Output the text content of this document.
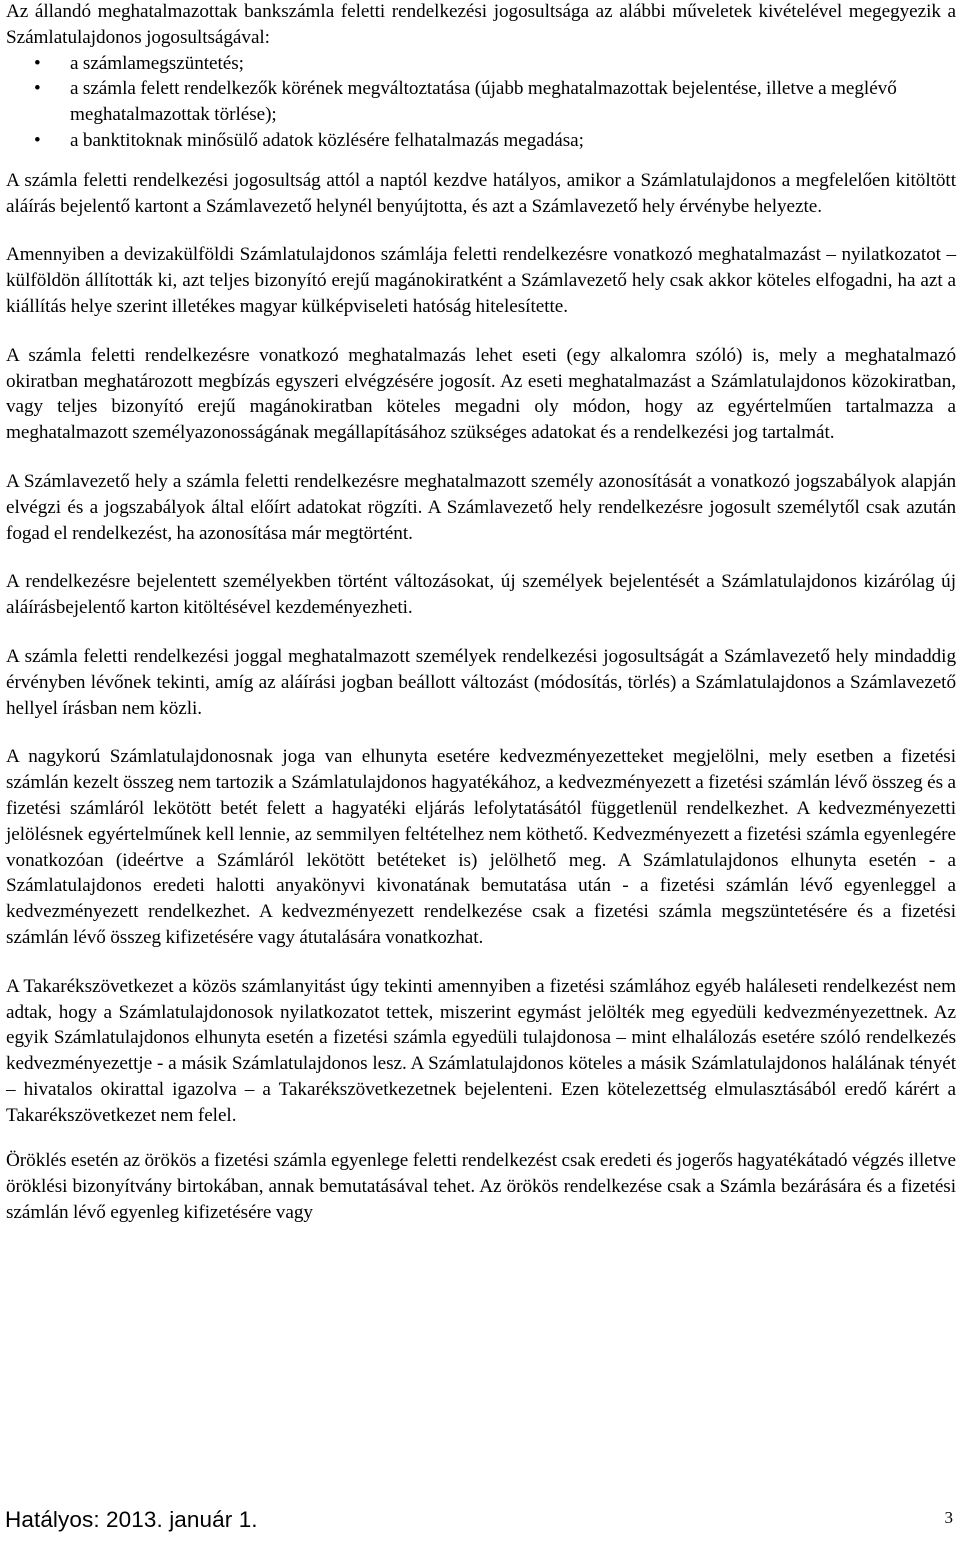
Az állandó meghatalmazottak bankszámla feletti rendelkezési jogosultsága az alábbi műveletek kivételével megegyezik a Számlatulajdonos jogosultságával:

• a számlamegszüntetés;
• a számla felett rendelkezők körének megváltoztatása (újabb meghatalmazottak bejelentése, illetve a meglévő meghatalmazottak törlése);
• a banktitoknak minősülő adatok közlésére felhatalmazás megadása;

A számla feletti rendelkezési jogosultság attól a naptól kezdve hatályos, amikor a Számlatulajdonos a megfelelően kitöltött aláírás bejelentő kartont a Számlavezető helynél benyújtotta, és azt a Számlavezető hely érvénybe helyezte.

Amennyiben a devizakülföldi Számlatulajdonos számlája feletti rendelkezésre vonatkozó meghatalmazást – nyilatkozatot – külföldön állították ki, azt teljes bizonyító erejű magánokiratként a Számlavezető hely csak akkor köteles elfogadni, ha azt a kiállítás helye szerint illetékes magyar külképviseleti hatóság hitelesítette.

A számla feletti rendelkezésre vonatkozó meghatalmazás lehet eseti (egy alkalomra szóló) is, mely a meghatalmazó okiratban meghatározott megbízás egyszeri elvégzésére jogosít. Az eseti meghatalmazást a Számlatulajdonos közokiratban, vagy teljes bizonyító erejű magánokiratban köteles megadni oly módon, hogy az egyértelműen tartalmazza a meghatalmazott személyazonosságának megállapításához szükséges adatokat és a rendelkezési jog tartalmát.

A Számlavezető hely a számla feletti rendelkezésre meghatalmazott személy azonosítását a vonatkozó jogszabályok alapján elvégzi és a jogszabályok által előírt adatokat rögzíti. A Számlavezető hely rendelkezésre jogosult személytől csak azután fogad el rendelkezést, ha azonosítása már megtörtént.

A rendelkezésre bejelentett személyekben történt változásokat, új személyek bejelentését a Számlatulajdonos kizárólag új aláírásbejelentő karton kitöltésével kezdeményezheti.

A számla feletti rendelkezési joggal meghatalmazott személyek rendelkezési jogosultságát a Számlavezető hely mindaddig érvényben lévőnek tekinti, amíg az aláírási jogban beállott változást (módosítás, törlés) a Számlatulajdonos a Számlavezető hellyel írásban nem közli.

A nagykorú Számlatulajdonosnak joga van elhunyta esetére kedvezményezetteket megjelölni, mely esetben a fizetési számlán kezelt összeg nem tartozik a Számlatulajdonos hagyatékához, a kedvezményezett a fizetési számlán lévő összeg és a fizetési számláról lekötött betét felett a hagyatéki eljárás lefolytatásától függetlenül rendelkezhet. A kedvezményezetti jelölésnek egyértelműnek kell lennie, az semmilyen feltételhez nem köthető. Kedvezményezett a fizetési számla egyenlegére vonatkozóan (ideértve a Számláról lekötött betéteket is) jelölhető meg. A Számlatulajdonos elhunyta esetén - a Számlatulajdonos eredeti halotti anyakönyvi kivonatának bemutatása után - a fizetési számlán lévő egyenleggel a kedvezményezett rendelkezhet. A kedvezményezett rendelkezése csak a fizetési számla megszüntetésére és a fizetési számlán lévő összeg kifizetésére vagy átutalására vonatkozhat.

A Takarékszövetkezet a közös számlanyitást úgy tekinti amennyiben a fizetési számlához egyéb haláleseti rendelkezést nem adtak, hogy a Számlatulajdonosok nyilatkozatot tettek, miszerint egymást jelölték meg egyedüli kedvezményezettnek. Az egyik Számlatulajdonos elhunyta esetén a fizetési számla egyedüli tulajdonosa – mint elhalálozás esetére szóló rendelkezés kedvezményezettje - a másik Számlatulajdonos lesz. A Számlatulajdonos köteles a másik Számlatulajdonos halálának tényét – hivatalos okirattal igazolva – a Takarékszövetkezetnek bejelenteni. Ezen kötelezettség elmulasztásából eredő kárért a Takarékszövetkezet nem felel.

Öröklés esetén az örökös a fizetési számla egyenlege feletti rendelkezést csak eredeti és jogerős hagyatékátadó végzés illetve öröklési bizonyítvány birtokában, annak bemutatásával tehet. Az örökös rendelkezése csak a Számla bezárására és a fizetési számlán lévő egyenleg kifizetésére vagy

Hatályos: 2013. január 1.	3
